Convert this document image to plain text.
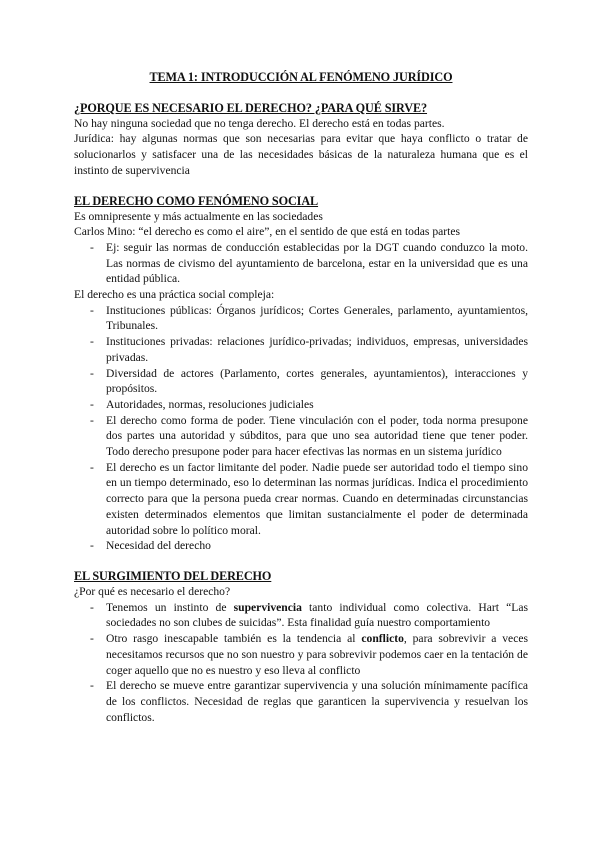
TEMA 1: INTRODUCCIÓN AL FENÓMENO JURÍDICO
¿PORQUE ES NECESARIO EL DERECHO? ¿PARA QUÉ SIRVE?

No hay ninguna sociedad que no tenga derecho. El derecho está en todas partes.

Jurídica: hay algunas normas que son necesarias para evitar que haya conflicto o tratar de solucionarlos y satisfacer una de las necesidades básicas de la naturaleza humana que es el instinto de supervivencia

EL DERECHO COMO FENÓMENO SOCIAL

Es omnipresente y más actualmente en las sociedades

Carlos Mino: “el derecho es como el aire”, en el sentido de que está en todas partes

- Ej: seguir las normas de conducción establecidas por la DGT cuando conduzco la moto. Las normas de civismo del ayuntamiento de barcelona, estar en la universidad que es una entidad pública.

El derecho es una práctica social compleja:

- Instituciones públicas: Órganos jurídicos; Cortes Generales, parlamento, ayuntamientos, Tribunales.
- Instituciones privadas: relaciones jurídico-privadas; individuos, empresas, universidades privadas.
- Diversidad de actores (Parlamento, cortes generales, ayuntamientos), interacciones y propósitos.
- Autoridades, normas, resoluciones judiciales
- El derecho como forma de poder. Tiene vinculación con el poder, toda norma presupone dos partes una autoridad y súbditos, para que uno sea autoridad tiene que tener poder. Todo derecho presupone poder para hacer efectivas las normas en un sistema jurídico
- El derecho es un factor limitante del poder. Nadie puede ser autoridad todo el tiempo sino en un tiempo determinado, eso lo determinan las normas jurídicas. Indica el procedimiento correcto para que la persona pueda crear normas. Cuando en determinadas circunstancias existen determinados elementos que limitan sustancialmente el poder de determinada autoridad sobre lo político moral.
- Necesidad del derecho
EL SURGIMIENTO DEL DERECHO

¿Por qué es necesario el derecho?

- Tenemos un instinto de supervivencia tanto individual como colectiva. Hart “Las sociedades no son clubes de suicidas”. Esta finalidad guía nuestro comportamiento
- Otro rasgo inescapable también es la tendencia al conflicto, para sobrevivir a veces necesitamos recursos que no son nuestro y para sobrevivir podemos caer en la tentación de coger aquello que no es nuestro y eso lleva al conflicto
- El derecho se mueve entre garantizar supervivencia y una solución mínimamente pacífica de los conflictos. Necesidad de reglas que garanticen la supervivencia y resuelvan los conflictos.
